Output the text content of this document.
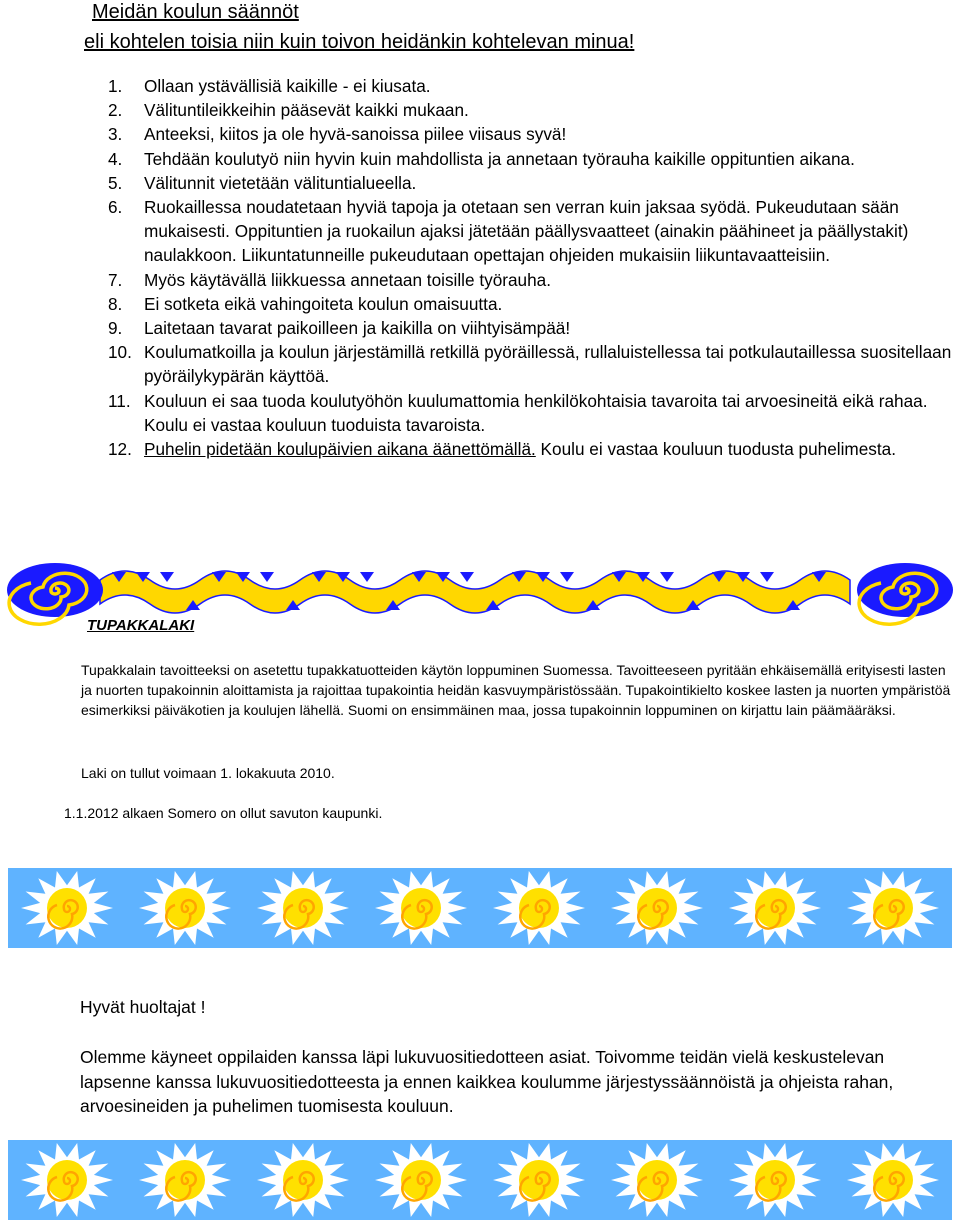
Meidän koulun säännöt
eli kohtelen toisia niin kuin toivon heidänkin kohtelevan minua!
1.	Ollaan ystävällisiä kaikille - ei kiusata.
2.	Välituntileikkeihin pääsevät kaikki mukaan.
3.	Anteeksi, kiitos ja ole hyvä-sanoissa piilee viisaus syvä!
4.	Tehdään koulutyö niin hyvin kuin mahdollista ja annetaan työrauha kaikille oppituntien aikana.
5.	Välitunnit vietetään välituntialueella.
6.	Ruokaillessa noudatetaan hyviä tapoja ja otetaan sen verran kuin jaksaa syödä. Pukeudutaan sään mukaisesti. Oppituntien ja ruokailun ajaksi jätetään päällysvaatteet (ainakin päähineet ja päällystakit) naulakkoon. Liikuntatunneille pukeudutaan opettajan ohjeiden mukaisiin liikuntavaatteisiin.
7.	Myös käytävällä liikkuessa annetaan toisille työrauha.
8.	Ei sotketa eikä vahingoiteta koulun omaisuutta.
9.	Laitetaan tavarat paikoilleen ja kaikilla on viihtyisämpää!
10. Koulumatkoilla ja koulun järjestämillä retkillä pyöräillessä, rullaluistellessa tai potkulautaillessa suositellaan pyöräilykypärän käyttöä.
11. Kouluun ei saa tuoda koulutyöhön kuulumattomia henkilökohtaisia tavaroita tai arvoesineitä eikä rahaa. Koulu ei vastaa kouluun tuoduista tavaroista.
12. Puhelin pidetään koulupäivien aikana äänettömällä. Koulu ei vastaa kouluun tuodusta puhelimesta.
TUPAKKALAKI
Tupakkalain tavoitteeksi on asetettu tupakkatuotteiden käytön loppuminen Suomessa. Tavoitteeseen pyritään ehkäisemällä erityisesti lasten ja nuorten tupakoinnin aloittamista ja rajoittaa tupakointia heidän kasvuympäristössään. Tupakointikielto koskee lasten ja nuorten ympäristöä esimerkiksi päiväkotien ja koulujen lähellä. Suomi on ensimmäinen maa, jossa tupakoinnin loppuminen on kirjattu lain päämääräksi.
Laki on tullut voimaan 1. lokakuuta 2010.
1.1.2012 alkaen Somero on ollut savuton kaupunki.
Hyvät huoltajat !
Olemme käyneet oppilaiden kanssa läpi lukuvuositiedotteen asiat. Toivomme teidän vielä keskustelevan lapsenne kanssa lukuvuositiedotteesta ja ennen kaikkea koulumme järjestyssäännöistä ja ohjeista rahan, arvoesineiden ja puhelimen tuomisesta kouluun.
